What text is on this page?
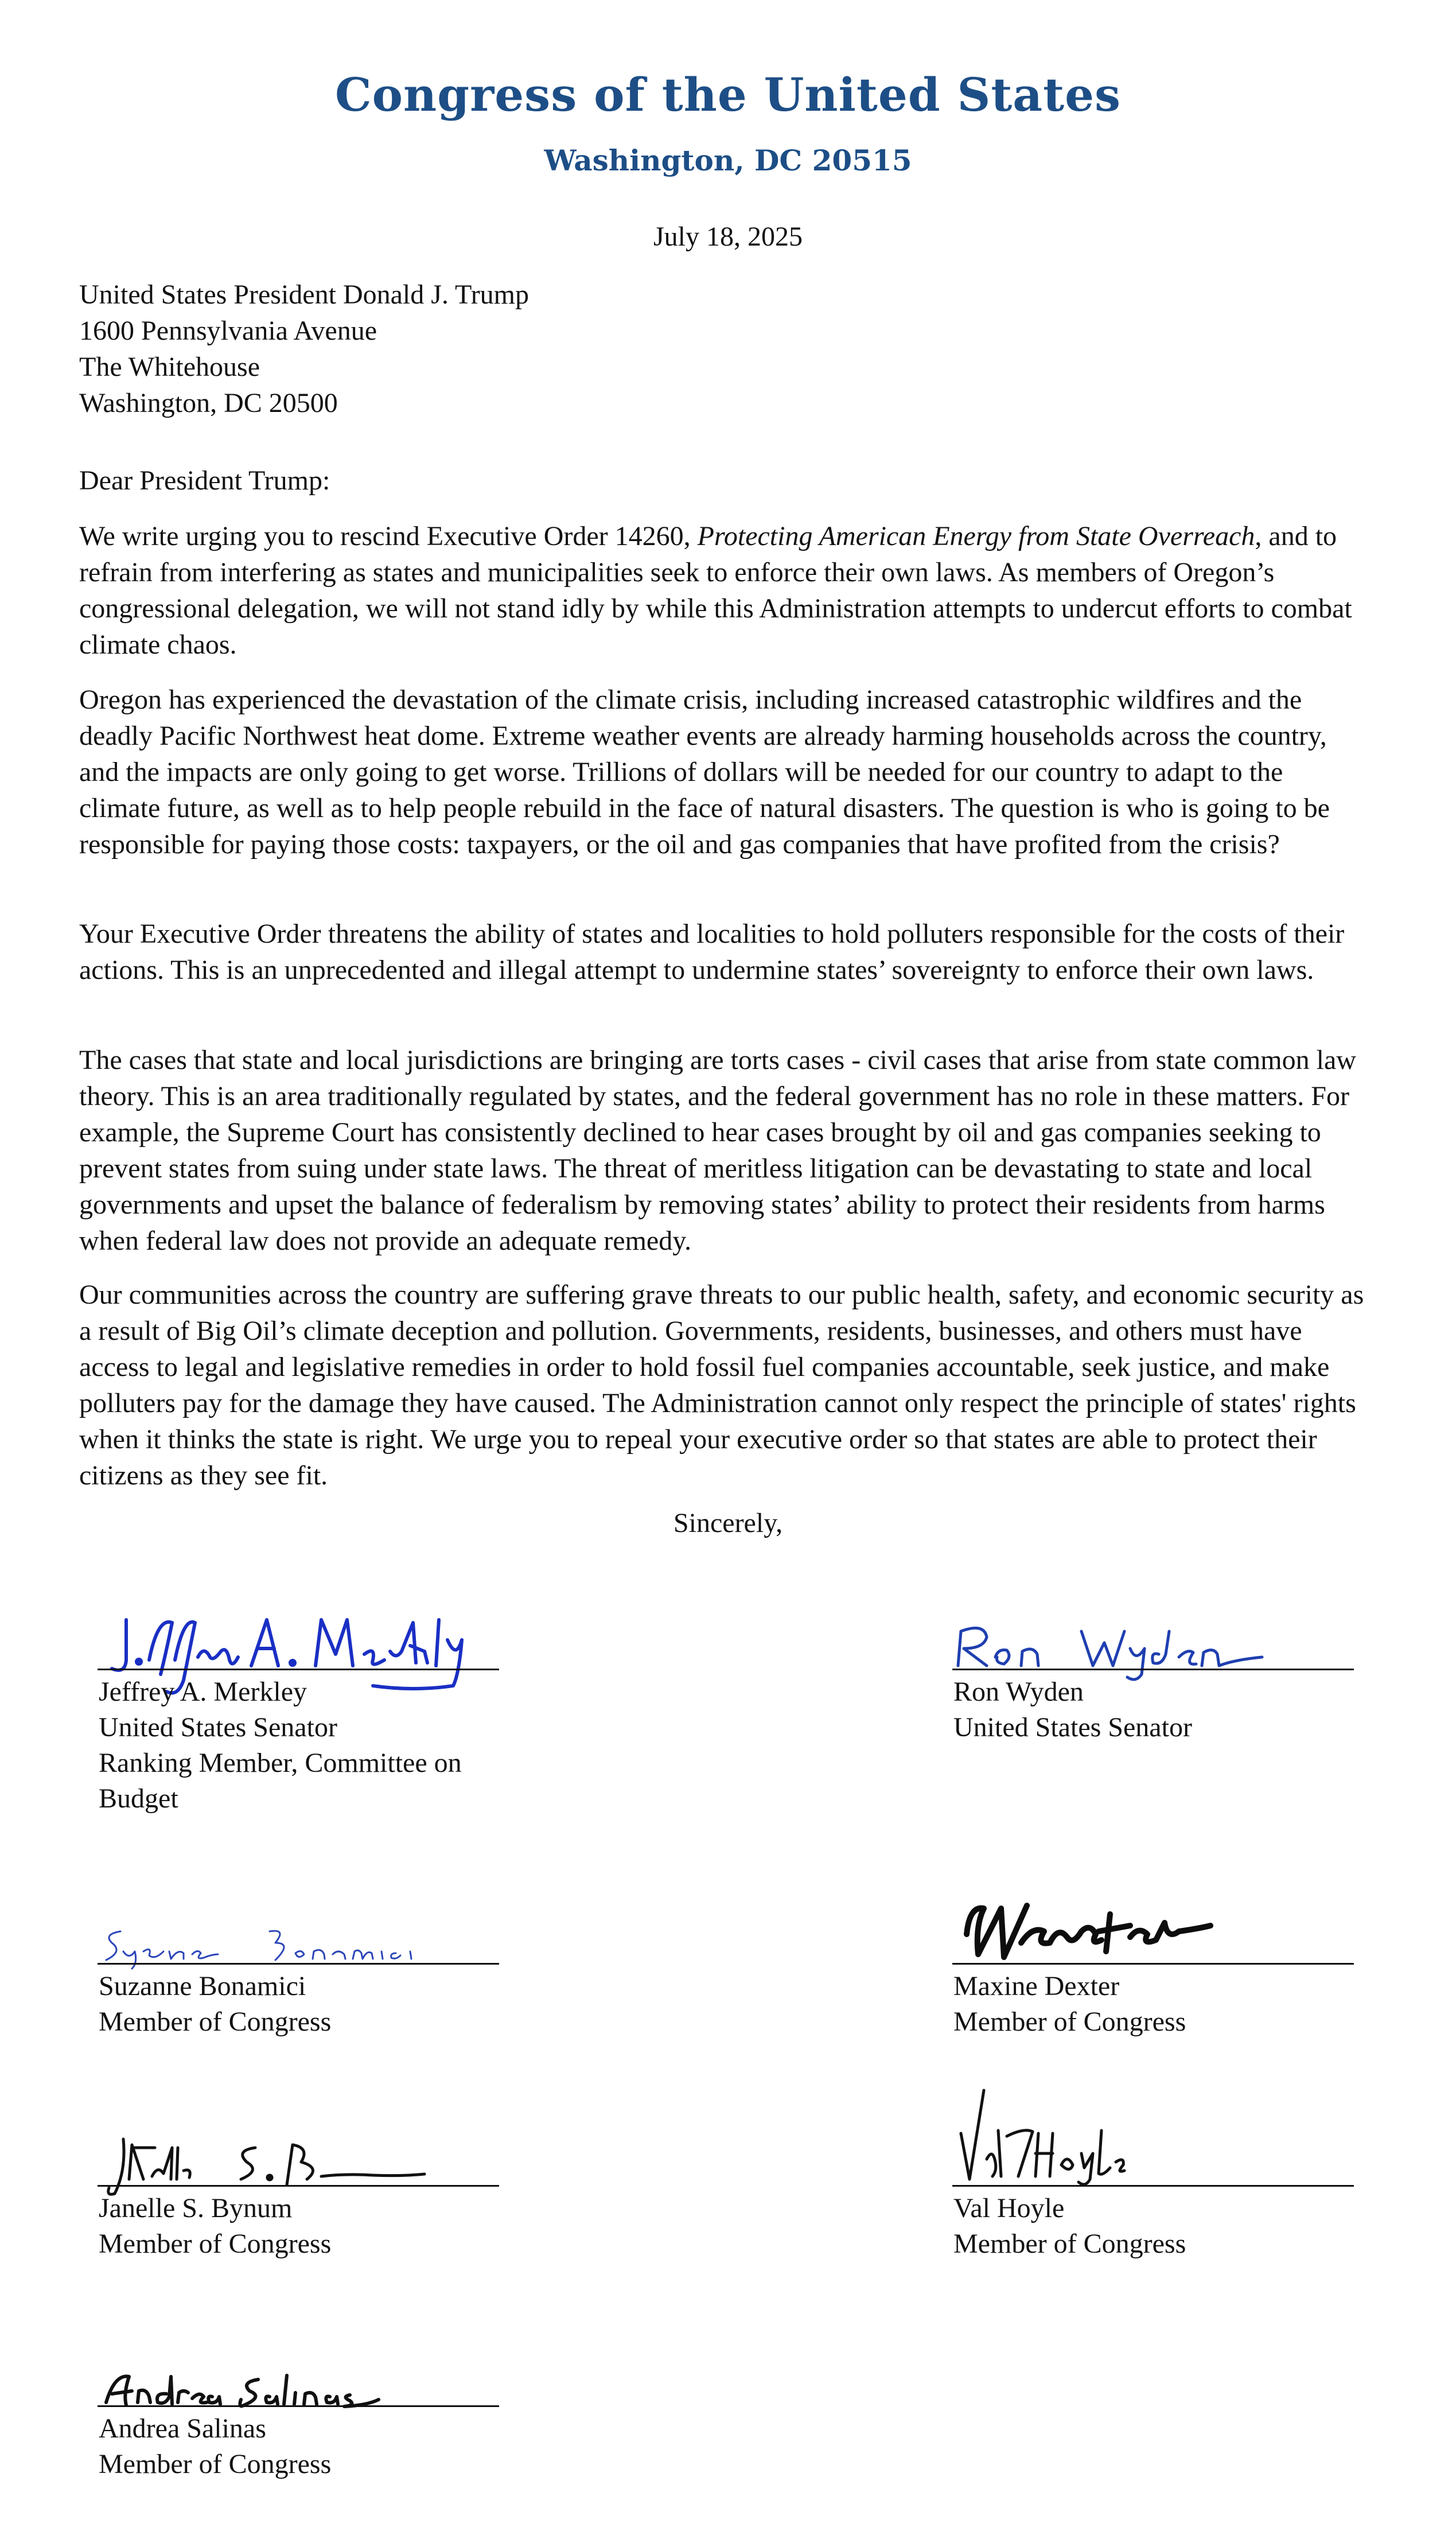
Congress of the United States
Washington, DC 20515
July 18, 2025
United States President Donald J. Trump
1600 Pennsylvania Avenue
The Whitehouse
Washington, DC 20500
Dear President Trump:
We write urging you to rescind Executive Order 14260, Protecting American Energy from State Overreach, and to refrain from interfering as states and municipalities seek to enforce their own laws. As members of Oregon’s congressional delegation, we will not stand idly by while this Administration attempts to undercut efforts to combat climate chaos.
Oregon has experienced the devastation of the climate crisis, including increased catastrophic wildfires and the deadly Pacific Northwest heat dome. Extreme weather events are already harming households across the country, and the impacts are only going to get worse. Trillions of dollars will be needed for our country to adapt to the climate future, as well as to help people rebuild in the face of natural disasters. The question is who is going to be responsible for paying those costs: taxpayers, or the oil and gas companies that have profited from the crisis?
Your Executive Order threatens the ability of states and localities to hold polluters responsible for the costs of their actions. This is an unprecedented and illegal attempt to undermine states’ sovereignty to enforce their own laws.
The cases that state and local jurisdictions are bringing are torts cases - civil cases that arise from state common law theory. This is an area traditionally regulated by states, and the federal government has no role in these matters. For example, the Supreme Court has consistently declined to hear cases brought by oil and gas companies seeking to prevent states from suing under state laws. The threat of meritless litigation can be devastating to state and local governments and upset the balance of federalism by removing states’ ability to protect their residents from harms when federal law does not provide an adequate remedy.
Our communities across the country are suffering grave threats to our public health, safety, and economic security as a result of Big Oil’s climate deception and pollution. Governments, residents, businesses, and others must have access to legal and legislative remedies in order to hold fossil fuel companies accountable, seek justice, and make polluters pay for the damage they have caused. The Administration cannot only respect the principle of states' rights when it thinks the state is right. We urge you to repeal your executive order so that states are able to protect their citizens as they see fit.
Sincerely,
Jeffrey A. Merkley
United States Senator
Ranking Member, Committee on
Budget
Ron Wyden
United States Senator
Suzanne Bonamici
Member of Congress
Maxine Dexter
Member of Congress
Janelle S. Bynum
Member of Congress
Val Hoyle
Member of Congress
Andrea Salinas
Member of Congress
